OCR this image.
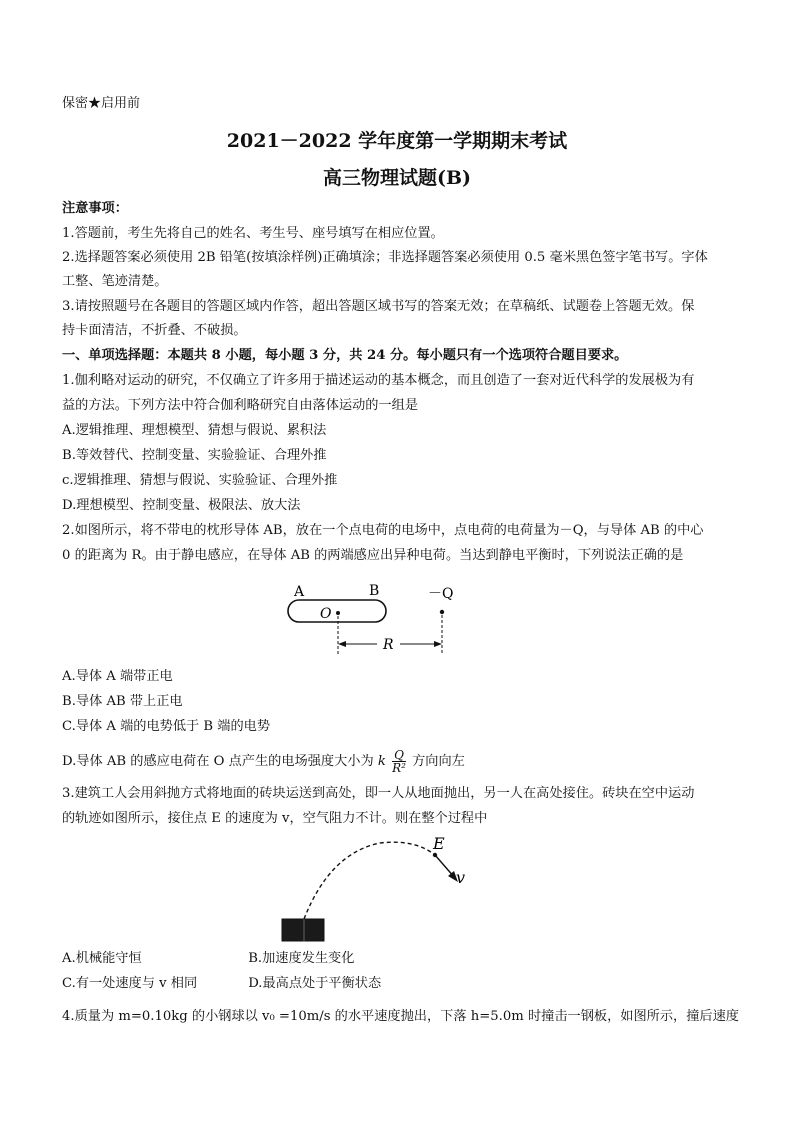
保密★启用前
2021－2022 学年度第一学期期末考试
高三物理试题(B)
注意事项：
1.答题前，考生先将自己的姓名、考生号、座号填写在相应位置。
2.选择题答案必须使用 2B 铅笔(按填涂样例)正确填涂；非选择题答案必须使用 0.5 毫米黑色签字笔书写。字体
工整、笔迹清楚。
3.请按照题号在各题目的答题区域内作答，超出答题区域书写的答案无效；在草稿纸、试题卷上答题无效。保
持卡面清洁，不折叠、不破损。
一、单项选择题：本题共 8 小题，每小题 3 分，共 24 分。每小题只有一个选项符合题目要求。
1.伽利略对运动的研究，不仅确立了许多用于描述运动的基本概念，而且创造了一套对近代科学的发展极为有
益的方法。下列方法中符合伽利略研究自由落体运动的一组是
A.逻辑推理、理想模型、猜想与假说、累积法
B.等效替代、控制变量、实验验证、合理外推
c.逻辑推理、猜想与假说、实验验证、合理外推
D.理想模型、控制变量、极限法、放大法
2.如图所示，将不带电的枕形导体 AB，放在一个点电荷的电场中，点电荷的电荷量为－Q，与导体 AB 的中心
0 的距离为 R。由于静电感应，在导体 AB 的两端感应出异种电荷。当达到静电平衡时，下列说法正确的是
A	B
O
－Q
R
A.导体 A 端带正电
B.导体 AB 带上正电
C.导体 A 端的电势低于 B 端的电势
D.导体 AB 的感应电荷在 O 点产生的电场强度大小为 k $\frac{Q}{\text{R²}}$ 方向向左
3.建筑工人会用斜抛方式将地面的砖块运送到高处，即一人从地面抛出，另一人在高处接住。砖块在空中运动
的轨迹如图所示，接住点 E 的速度为 v，空气阻力不计。则在整个过程中
E
v
A.机械能守恒	B.加速度发生变化
C.有一处速度与 v 相同	D.最高点处于平衡状态
4.质量为 m=0.10kg 的小钢球以 v₀ =10m/s 的水平速度抛出，下落 h=5.0m 时撞击一钢板，如图所示，撞后速度
